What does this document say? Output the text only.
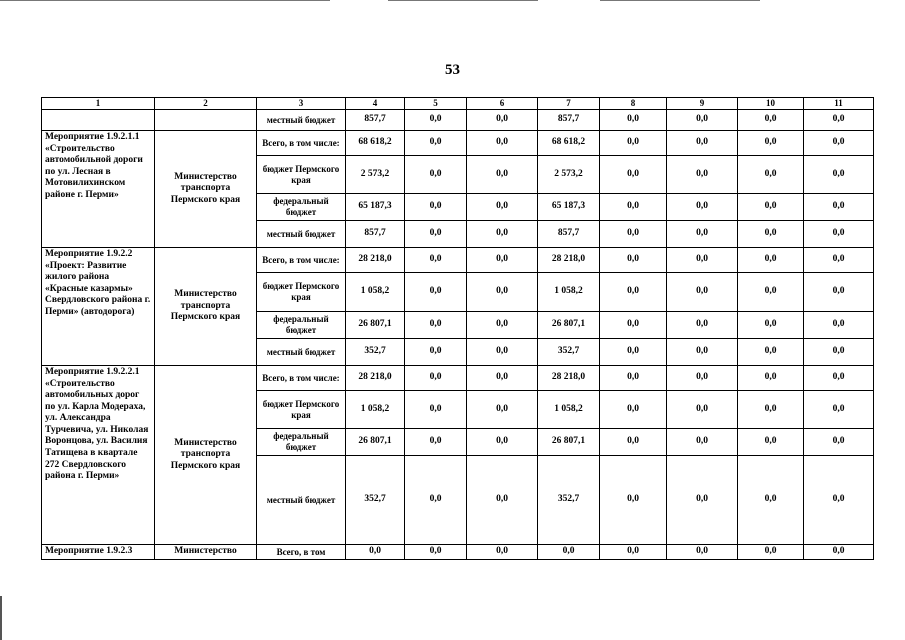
53
1	2	3	4	5	6	7	8	9	10	11
		местный бюджет	857,7	0,0	0,0	857,7	0,0	0,0	0,0	0,0
Мероприятие 1.9.2.1.1 «Строительство автомобильной дороги по ул. Лесная в Мотовилихинском районе г. Перми»	Министерство транспорта Пермского края	Всего, в том числе:	68 618,2	0,0	0,0	68 618,2	0,0	0,0	0,0	0,0
		бюджет Пермского края	2 573,2	0,0	0,0	2 573,2	0,0	0,0	0,0	0,0
		федеральный бюджет	65 187,3	0,0	0,0	65 187,3	0,0	0,0	0,0	0,0
		местный бюджет	857,7	0,0	0,0	857,7	0,0	0,0	0,0	0,0
Мероприятие 1.9.2.2 «Проект: Развитие жилого района «Красные казармы» Свердловского района г. Перми» (автодорога)	Министерство транспорта Пермского края	Всего, в том числе:	28 218,0	0,0	0,0	28 218,0	0,0	0,0	0,0	0,0
		бюджет Пермского края	1 058,2	0,0	0,0	1 058,2	0,0	0,0	0,0	0,0
		федеральный бюджет	26 807,1	0,0	0,0	26 807,1	0,0	0,0	0,0	0,0
		местный бюджет	352,7	0,0	0,0	352,7	0,0	0,0	0,0	0,0
Мероприятие 1.9.2.2.1 «Строительство автомобильных дорог по ул. Карла Модераха, ул. Александра Турчевича, ул. Николая Воронцова, ул. Василия Татищева в квартале 272 Свердловского района г. Перми»	Министерство транспорта Пермского края	Всего, в том числе:	28 218,0	0,0	0,0	28 218,0	0,0	0,0	0,0	0,0
		бюджет Пермского края	1 058,2	0,0	0,0	1 058,2	0,0	0,0	0,0	0,0
		федеральный бюджет	26 807,1	0,0	0,0	26 807,1	0,0	0,0	0,0	0,0
		местный бюджет	352,7	0,0	0,0	352,7	0,0	0,0	0,0	0,0
Мероприятие 1.9.2.3	Министерство	Всего, в том	0,0	0,0	0,0	0,0	0,0	0,0	0,0	0,0
